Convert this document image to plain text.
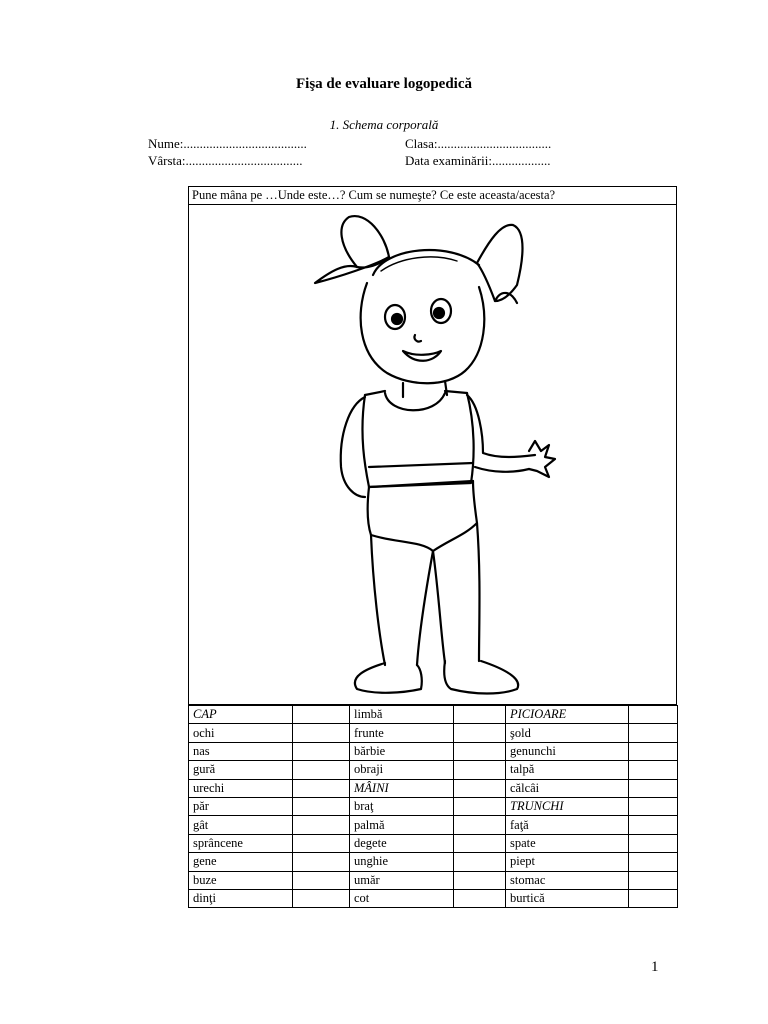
Fişa de evaluare logopedică
1. Schema corporală
Nume:......................................	Clasa:...................................
Vârsta:....................................	Data examinării:..................
Pune mâna pe …Unde este…? Cum se numeşte? Ce este aceasta/acesta?
CAP		limbă		PICIOARE	
ochi		frunte		şold	
nas		bărbie		genunchi	
gură		obraji		talpă	
urechi		MÂINI		călcâi	
păr		braţ		TRUNCHI	
gât		palmă		faţă	
sprâncene		degete		spate	
gene		unghie		piept	
buze		umăr		stomac	
dinţi		cot		burtică	
1
